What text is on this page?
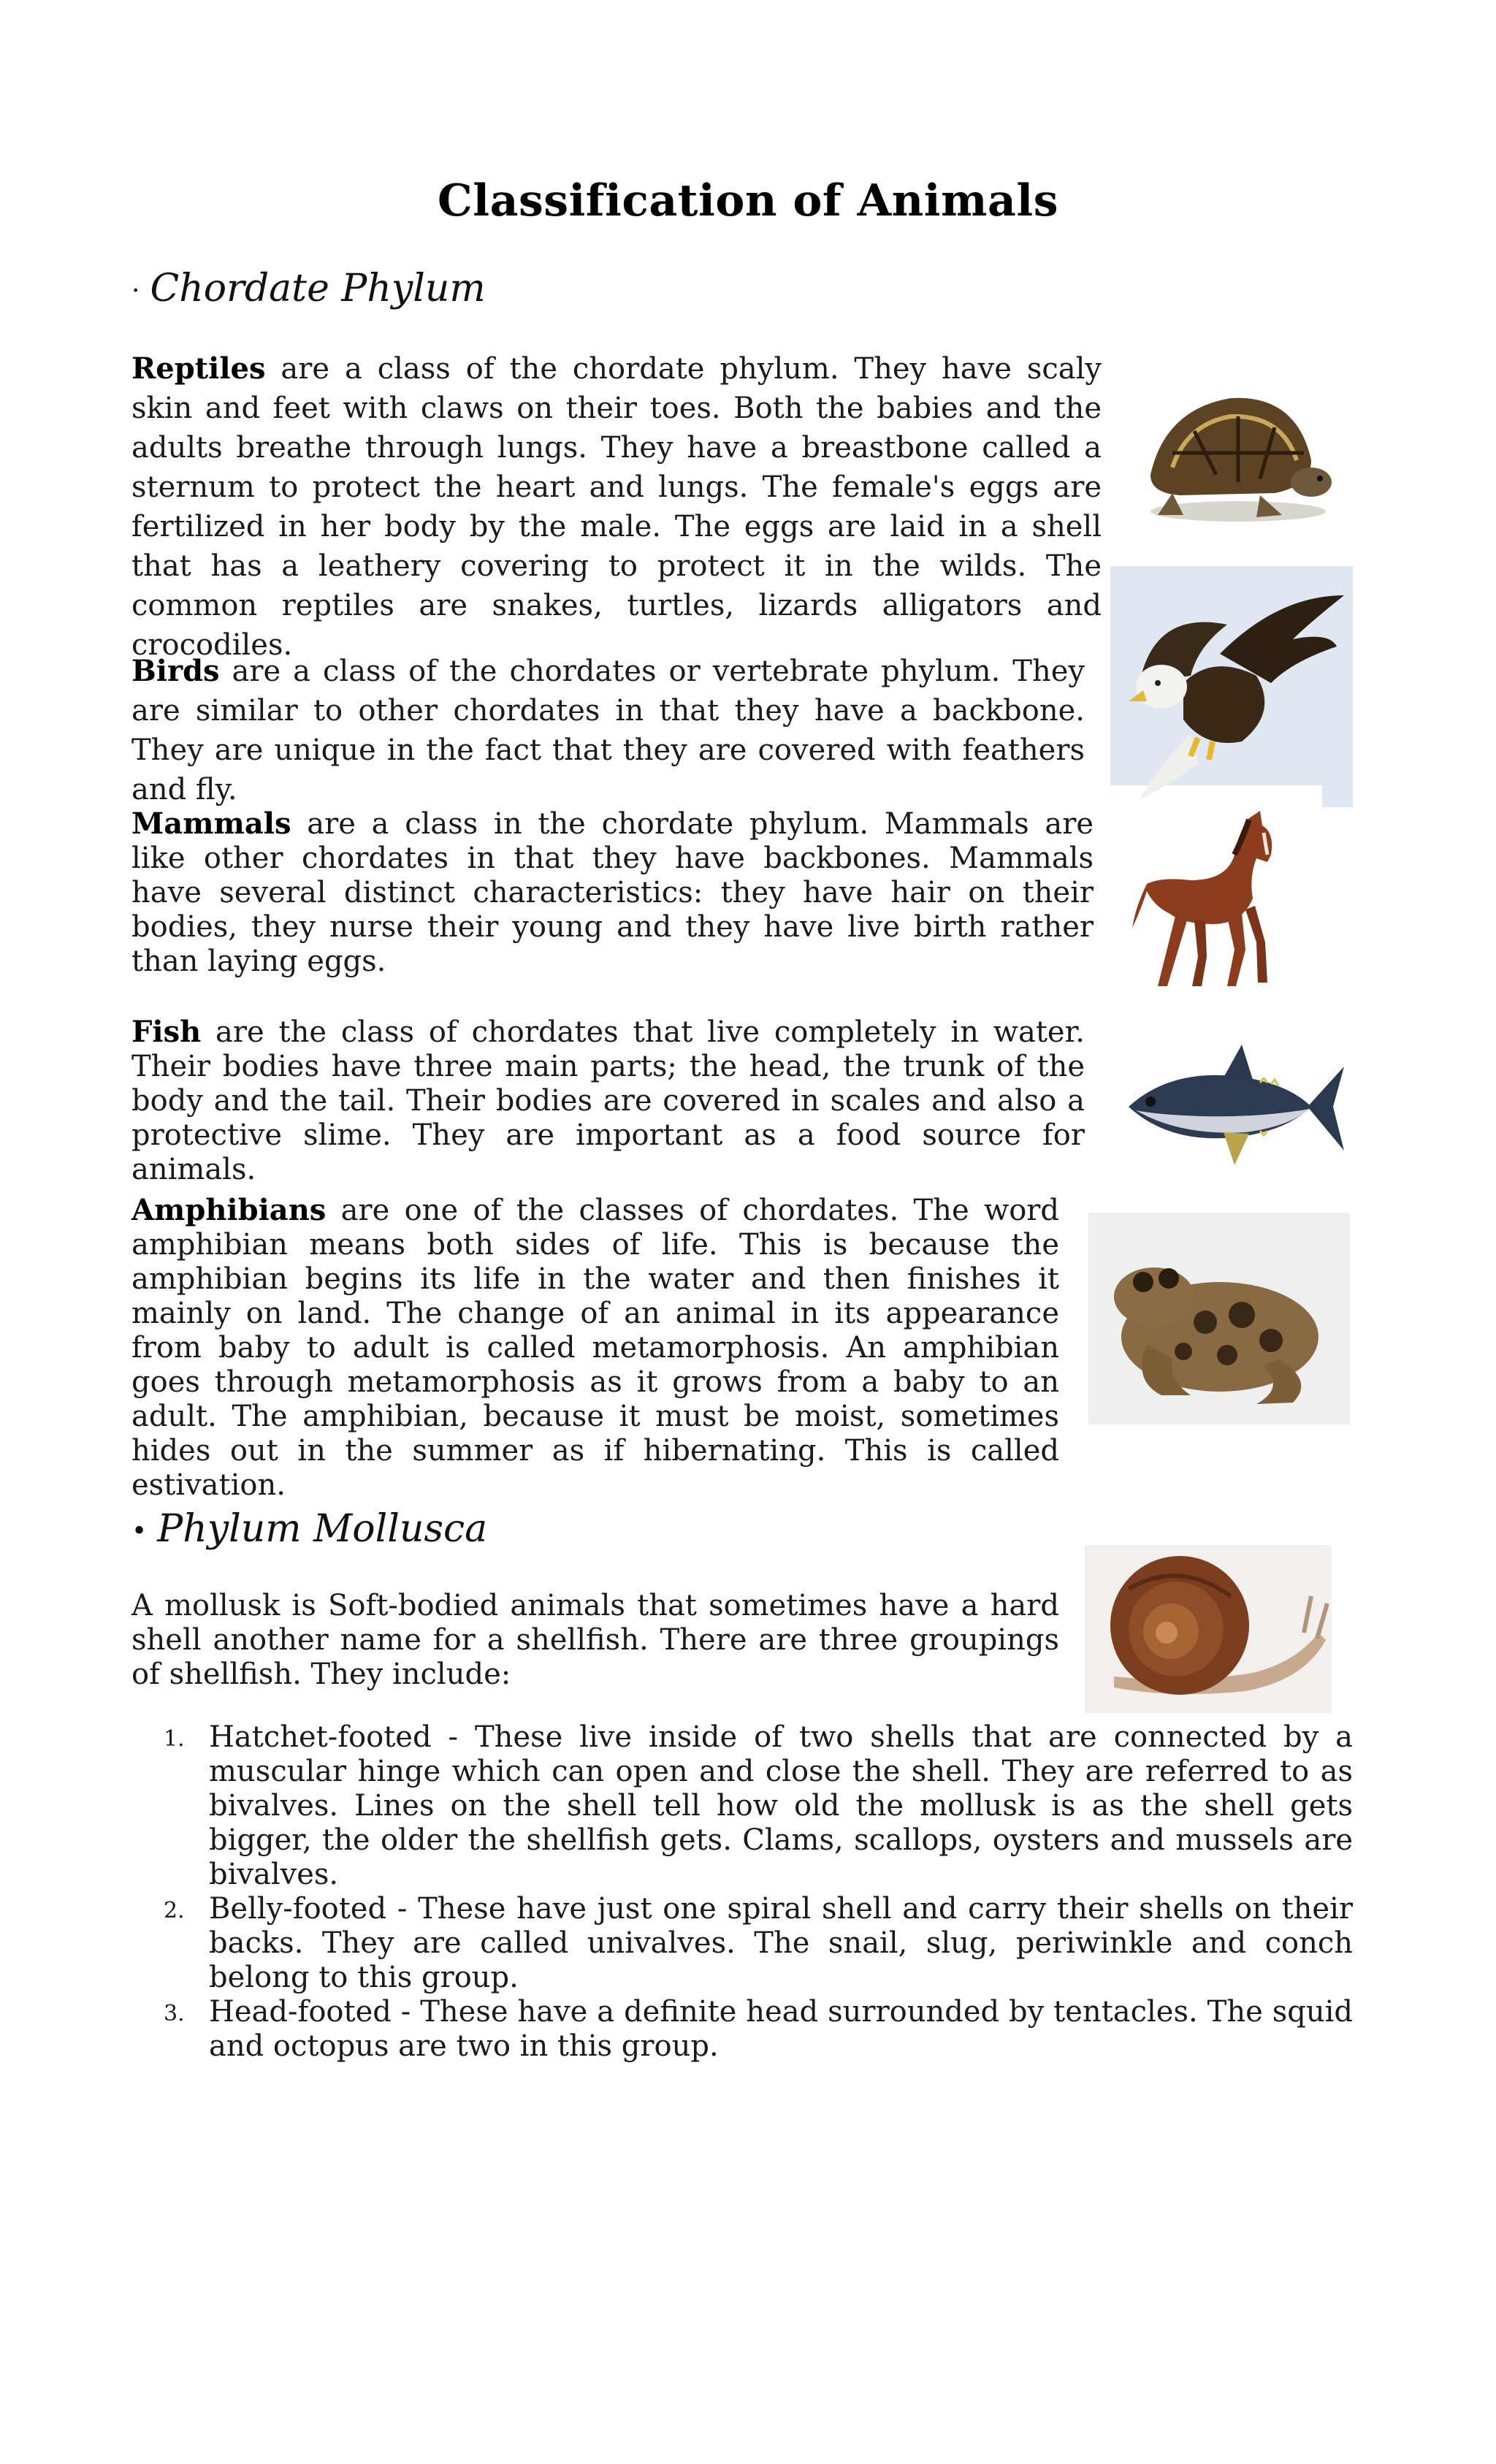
Classification of Animals
· Chordate Phylum

Reptiles are a class of the chordate phylum. They have scaly skin and feet with claws on their toes. Both the babies and the adults breathe through lungs. They have a breastbone called a sternum to protect the heart and lungs. The female's eggs are fertilized in her body by the male. The eggs are laid in a shell that has a leathery covering to protect it in the wilds. The common reptiles are snakes, turtles, lizards alligators and crocodiles.

Birds are a class of the chordates or vertebrate phylum. They are similar to other chordates in that they have a backbone. They are unique in the fact that they are covered with feathers and fly.

Mammals are a class in the chordate phylum. Mammals are like other chordates in that they have backbones. Mammals have several distinct characteristics: they have hair on their bodies, they nurse their young and they have live birth rather than laying eggs.

Fish are the class of chordates that live completely in water. Their bodies have three main parts; the head, the trunk of the body and the tail. Their bodies are covered in scales and also a protective slime. They are important as a food source for animals.

Amphibians are one of the classes of chordates. The word amphibian means both sides of life. This is because the amphibian begins its life in the water and then finishes it mainly on land. The change of an animal in its appearance from baby to adult is called metamorphosis. An amphibian goes through metamorphosis as it grows from a baby to an adult. The amphibian, because it must be moist, sometimes hides out in the summer as if hibernating. This is called estivation.

• Phylum Mollusca

A mollusk is Soft-bodied animals that sometimes have a hard shell another name for a shellfish. There are three groupings of shellfish. They include:

1. Hatchet-footed - These live inside of two shells that are connected by a muscular hinge which can open and close the shell. They are referred to as bivalves. Lines on the shell tell how old the mollusk is as the shell gets bigger, the older the shellfish gets. Clams, scallops, oysters and mussels are bivalves.
2. Belly-footed - These have just one spiral shell and carry their shells on their backs. They are called univalves. The snail, slug, periwinkle and conch belong to this group.
3. Head-footed - These have a definite head surrounded by tentacles. The squid and octopus are two in this group.
